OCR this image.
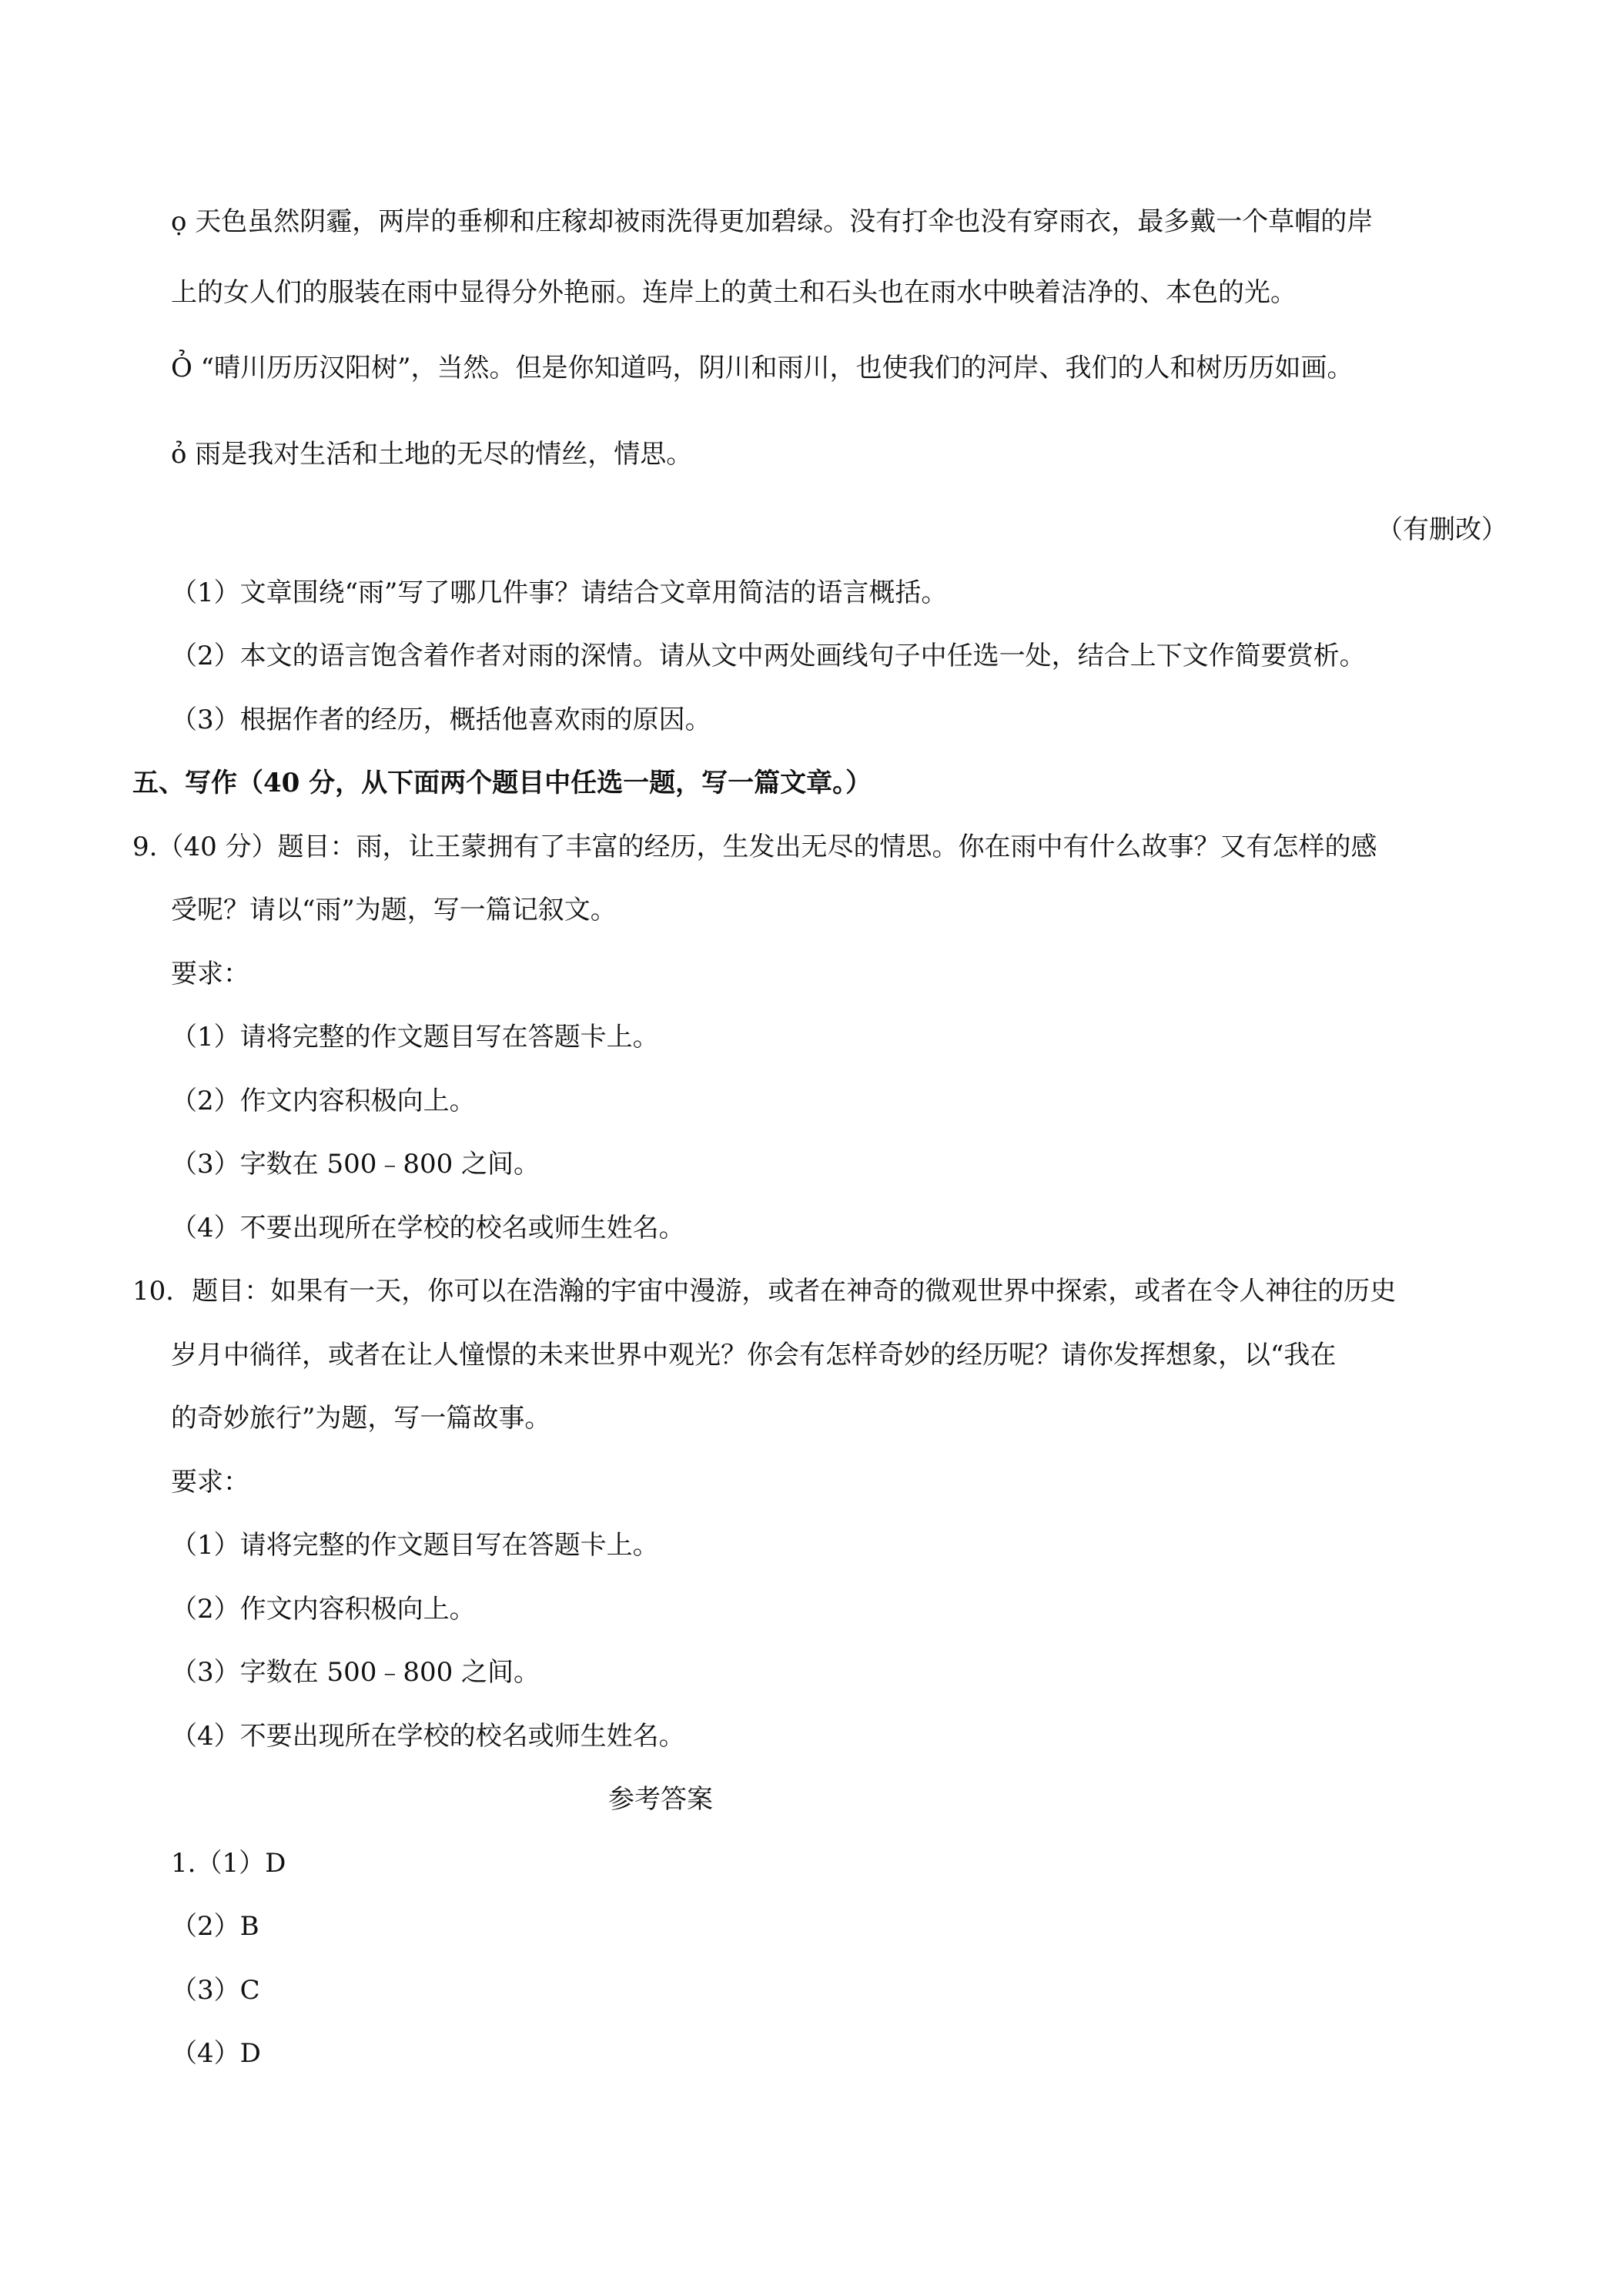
ọ 天色虽然阴霾，两岸的垂柳和庄稼却被雨洗得更加碧绿。没有打伞也没有穿雨衣，最多戴一个草帽的岸
上的女人们的服装在雨中显得分外艳丽。连岸上的黄土和石头也在雨水中映着洁净的、本色的光。
Ỏ “晴川历历汉阳树”，当然。但是你知道吗，阴川和雨川，也使我们的河岸、我们的人和树历历如画。
ỏ 雨是我对生活和土地的无尽的情丝，情思。
（有删改）
（1）文章围绕“雨”写了哪几件事？请结合文章用简洁的语言概括。
（2）本文的语言饱含着作者对雨的深情。请从文中两处画线句子中任选一处，结合上下文作简要赏析。
（3）根据作者的经历，概括他喜欢雨的原因。
五、写作（40 分，从下面两个题目中任选一题，写一篇文章。）
9.（40 分）题目：雨，让王蒙拥有了丰富的经历，生发出无尽的情思。你在雨中有什么故事？又有怎样的感
受呢？请以“雨”为题，写一篇记叙文。
要求：
（1）请将完整的作文题目写在答题卡上。
（2）作文内容积极向上。
（3）字数在 500﹣800 之间。
（4）不要出现所在学校的校名或师生姓名。
10．题目：如果有一天，你可以在浩瀚的宇宙中漫游，或者在神奇的微观世界中探索，或者在令人神往的历史
岁月中徜徉，或者在让人憧憬的未来世界中观光？你会有怎样奇妙的经历呢？请你发挥想象，以“我在
的奇妙旅行”为题，写一篇故事。
要求：
（1）请将完整的作文题目写在答题卡上。
（2）作文内容积极向上。
（3）字数在 500﹣800 之间。
（4）不要出现所在学校的校名或师生姓名。
参考答案
1.（1）D
（2）B
（3）C
（4）D
